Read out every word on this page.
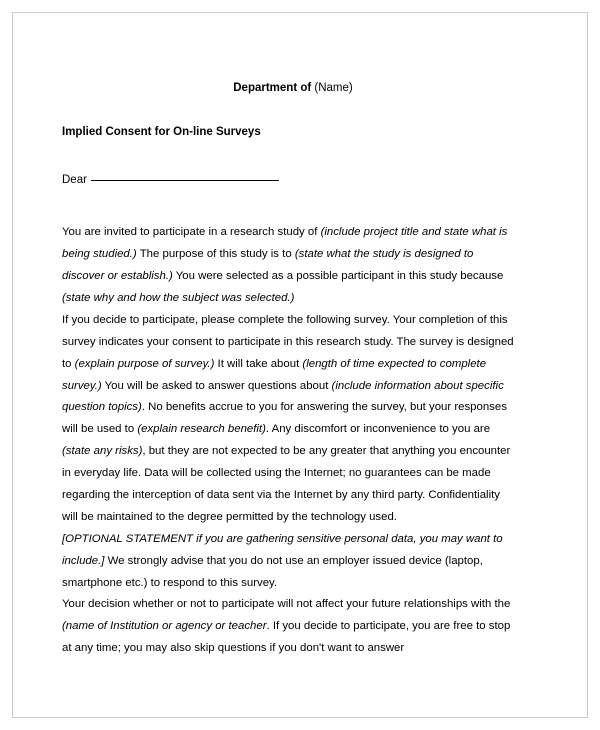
Department of (Name)
Implied Consent for On-line Surveys
Dear

You are invited to participate in a research study of (include project title and state what is being studied.) The purpose of this study is to (state what the study is designed to discover or establish.) You were selected as a possible participant in this study because (state why and how the subject was selected.)

If you decide to participate, please complete the following survey. Your completion of this survey indicates your consent to participate in this research study. The survey is designed to (explain purpose of survey.) It will take about (length of time expected to complete survey.) You will be asked to answer questions about (include information about specific question topics). No benefits accrue to you for answering the survey, but your responses will be used to (explain research benefit). Any discomfort or inconvenience to you are (state any risks), but they are not expected to be any greater that anything you encounter in everyday life. Data will be collected using the Internet; no guarantees can be made regarding the interception of data sent via the Internet by any third party. Confidentiality will be maintained to the degree permitted by the technology used.

[OPTIONAL STATEMENT if you are gathering sensitive personal data, you may want to include.] We strongly advise that you do not use an employer issued device (laptop, smartphone etc.) to respond to this survey.

Your decision whether or not to participate will not affect your future relationships with the (name of Institution or agency or teacher. If you decide to participate, you are free to stop at any time; you may also skip questions if you don't want to answer
